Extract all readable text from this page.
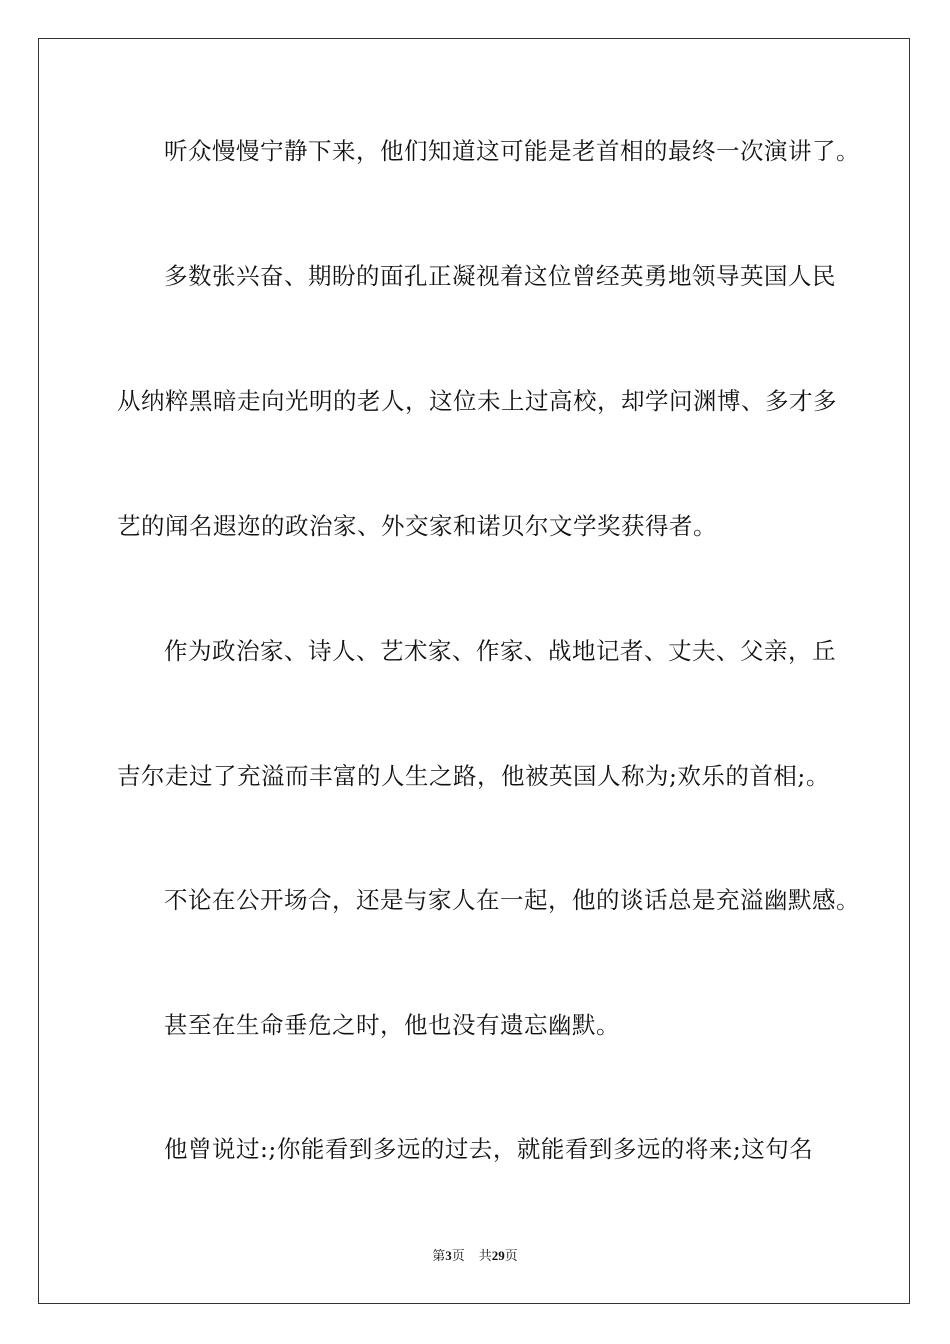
听众慢慢宁静下来，他们知道这可能是老首相的最终一次演讲了。
多数张兴奋、期盼的面孔正凝视着这位曾经英勇地领导英国人民
从纳粹黑暗走向光明的老人，这位未上过高校，却学问渊博、多才多
艺的闻名遐迩的政治家、外交家和诺贝尔文学奖获得者。
作为政治家、诗人、艺术家、作家、战地记者、丈夫、父亲，丘
吉尔走过了充溢而丰富的人生之路，他被英国人称为;欢乐的首相;。
不论在公开场合，还是与家人在一起，他的谈话总是充溢幽默感。
甚至在生命垂危之时，他也没有遗忘幽默。
他曾说过:;你能看到多远的过去，就能看到多远的将来;这句名
第3页 共29页
